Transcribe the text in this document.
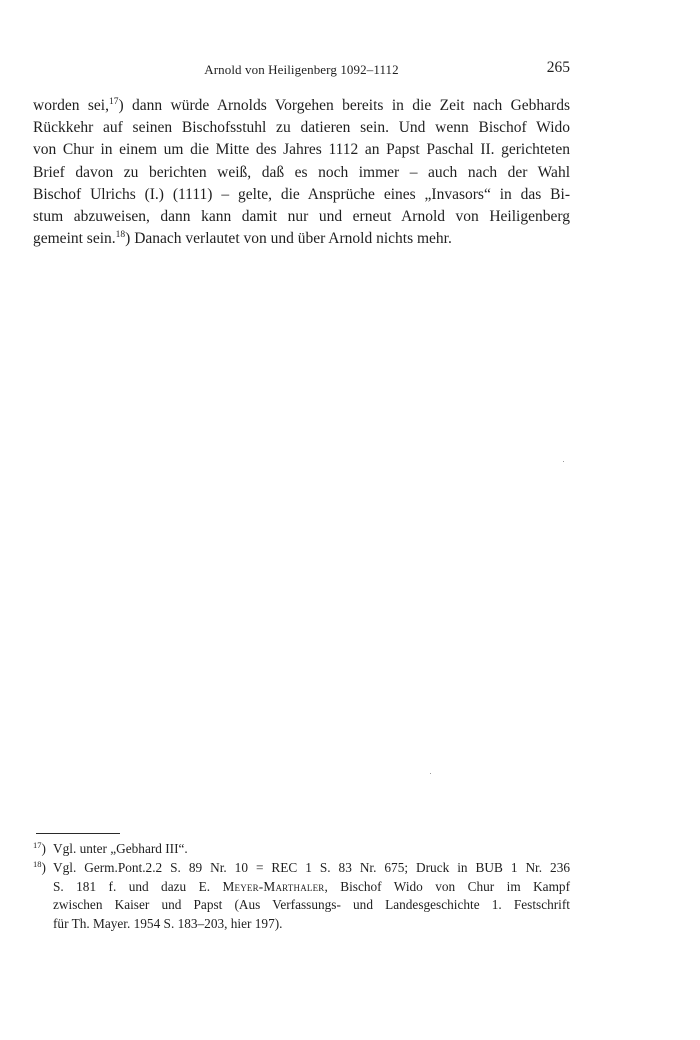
Arnold von Heiligenberg 1092–1112	265
worden sei,$^{17}$) dann würde Arnolds Vorgehen bereits in die Zeit nach Gebhards
Rückkehr auf seinen Bischofsstuhl zu datieren sein. Und wenn Bischof Wido
von Chur in einem um die Mitte des Jahres 1112 an Papst Paschal II. gerichteten
Brief davon zu berichten weiß, daß es noch immer – auch nach der Wahl
Bischof Ulrichs (I.) (1111) – gelte, die Ansprüche eines „Invasors“ in das Bi-
stum abzuweisen, dann kann damit nur und erneut Arnold von Heiligenberg
gemeint sein.$^{18}$) Danach verlautet von und über Arnold nichts mehr.
$^{17}$) Vgl. unter „Gebhard III“.
$^{18}$) Vgl. Germ.Pont.2.2 S. 89 Nr. 10 = REC 1 S. 83 Nr. 675; Druck in BUB 1 Nr. 236
S. 181 f. und dazu E. Meyer-Marthaler, Bischof Wido von Chur im Kampf
zwischen Kaiser und Papst (Aus Verfassungs- und Landesgeschichte 1. Festschrift
für Th. Mayer. 1954 S. 183–203, hier 197).
